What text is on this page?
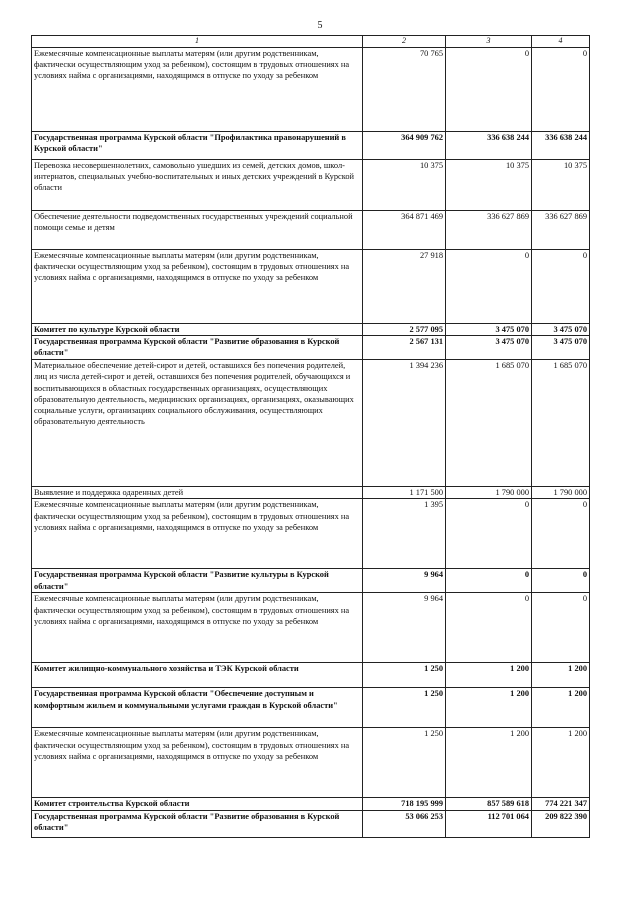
5
1	2	3	4
Ежемесячные компенсационные выплаты матерям (или другим родственникам, фактически осуществляющим уход за ребенком), состоящим в трудовых отношениях на условиях найма с организациями, находящимся в отпуске по уходу за ребенком	70 765	0	0
Государственная программа Курской области "Профилактика правонарушений в Курской области"	364 909 762	336 638 244	336 638 244
Перевозка несовершеннолетних, самовольно ушедших из семей, детских домов, школ-интернатов, специальных учебно-воспитательных и иных детских учреждений в Курской области	10 375	10 375	10 375
Обеспечение деятельности подведомственных государственных учреждений социальной помощи семье и детям	364 871 469	336 627 869	336 627 869
Ежемесячные компенсационные выплаты матерям (или другим родственникам, фактически осуществляющим уход за ребенком), состоящим в трудовых отношениях на условиях найма с организациями, находящимся в отпуске по уходу за ребенком	27 918	0	0
Комитет по культуре Курской области	2 577 095	3 475 070	3 475 070
Государственная программа Курской области "Развитие образования в Курской области"	2 567 131	3 475 070	3 475 070
Материальное обеспечение детей-сирот и детей, оставшихся без попечения родителей, лиц из числа детей-сирот и детей, оставшихся без попечения родителей, обучающихся и воспитывающихся в областных государственных организациях, осуществляющих образовательную деятельность, медицинских организациях, организациях, оказывающих социальные услуги, организациях социального обслуживания, осуществляющих образовательную деятельность	1 394 236	1 685 070	1 685 070
Выявление и поддержка одаренных детей	1 171 500	1 790 000	1 790 000
Ежемесячные компенсационные выплаты матерям (или другим родственникам, фактически осуществляющим уход за ребенком), состоящим в трудовых отношениях на условиях найма с организациями, находящимся в отпуске по уходу за ребенком	1 395	0	0
Государственная программа Курской области "Развитие культуры в Курской области"	9 964	0	0
Ежемесячные компенсационные выплаты матерям (или другим родственникам, фактически осуществляющим уход за ребенком), состоящим в трудовых отношениях на условиях найма с организациями, находящимся в отпуске по уходу за ребенком	9 964	0	0
Комитет жилищно-коммунального хозяйства и ТЭК Курской области	1 250	1 200	1 200
Государственная программа Курской области "Обеспечение доступным и комфортным жильем и коммунальными услугами граждан в Курской области"	1 250	1 200	1 200
Ежемесячные компенсационные выплаты матерям (или другим родственникам, фактически осуществляющим уход за ребенком), состоящим в трудовых отношениях на условиях найма с организациями, находящимся в отпуске по уходу за ребенком	1 250	1 200	1 200
Комитет строительства Курской области	718 195 999	857 589 618	774 221 347
Государственная программа Курской области "Развитие образования в Курской области"	53 066 253	112 701 064	209 822 390
